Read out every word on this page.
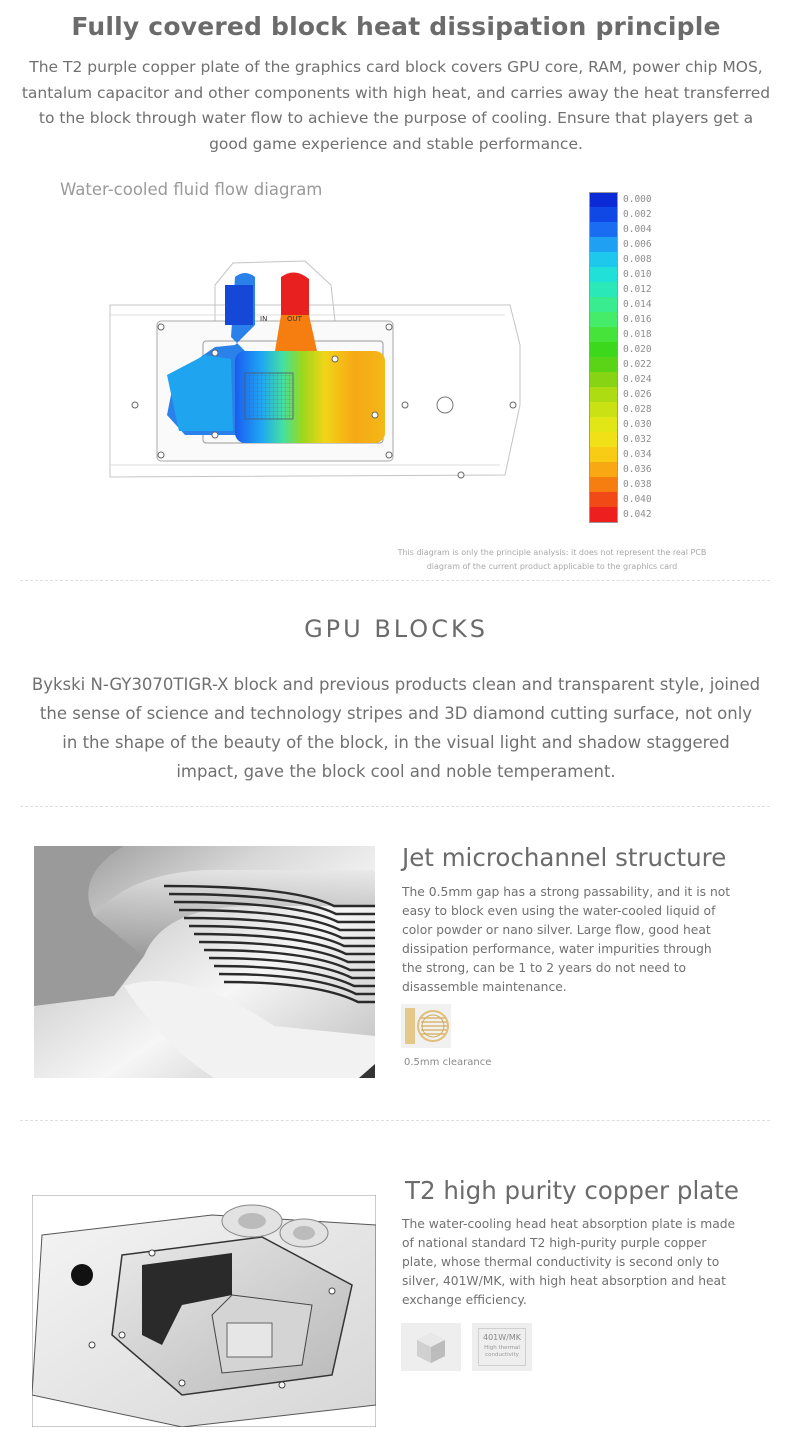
Fully covered block heat dissipation principle
The T2 purple copper plate of the graphics card block covers GPU core, RAM, power chip MOS, tantalum capacitor and other components with high heat, and carries away the heat transferred to the block through water flow to achieve the purpose of cooling. Ensure that players get a good game experience and stable performance.
Water-cooled fluid flow diagram
IN	OUT
0.000
0.002
0.004
0.006
0.008
0.010
0.012
0.014
0.016
0.018
0.020
0.022
0.024
0.026
0.028
0.030
0.032
0.034
0.036
0.038
0.040
0.042
This diagram is only the principle analysis: it does not represent the real PCB
diagram of the current product applicable to the graphics card
GPU BLOCKS
Bykski N-GY3070TIGR-X block and previous products clean and transparent style, joined the sense of science and technology stripes and 3D diamond cutting surface, not only in the shape of the beauty of the block, in the visual light and shadow staggered impact, gave the block cool and noble temperament.
Jet microchannel structure
The 0.5mm gap has a strong passability, and it is not easy to block even using the water-cooled liquid of color powder or nano silver. Large flow, good heat dissipation performance, water impurities through the strong, can be 1 to 2 years do not need to disassemble maintenance.
0.5mm clearance
T2 high purity copper plate
The water-cooling head heat absorption plate is made of national standard T2 high-purity purple copper plate, whose thermal conductivity is second only to silver, 401W/MK, with high heat absorption and heat exchange efficiency.
401W/MK
High thermal conductivity
